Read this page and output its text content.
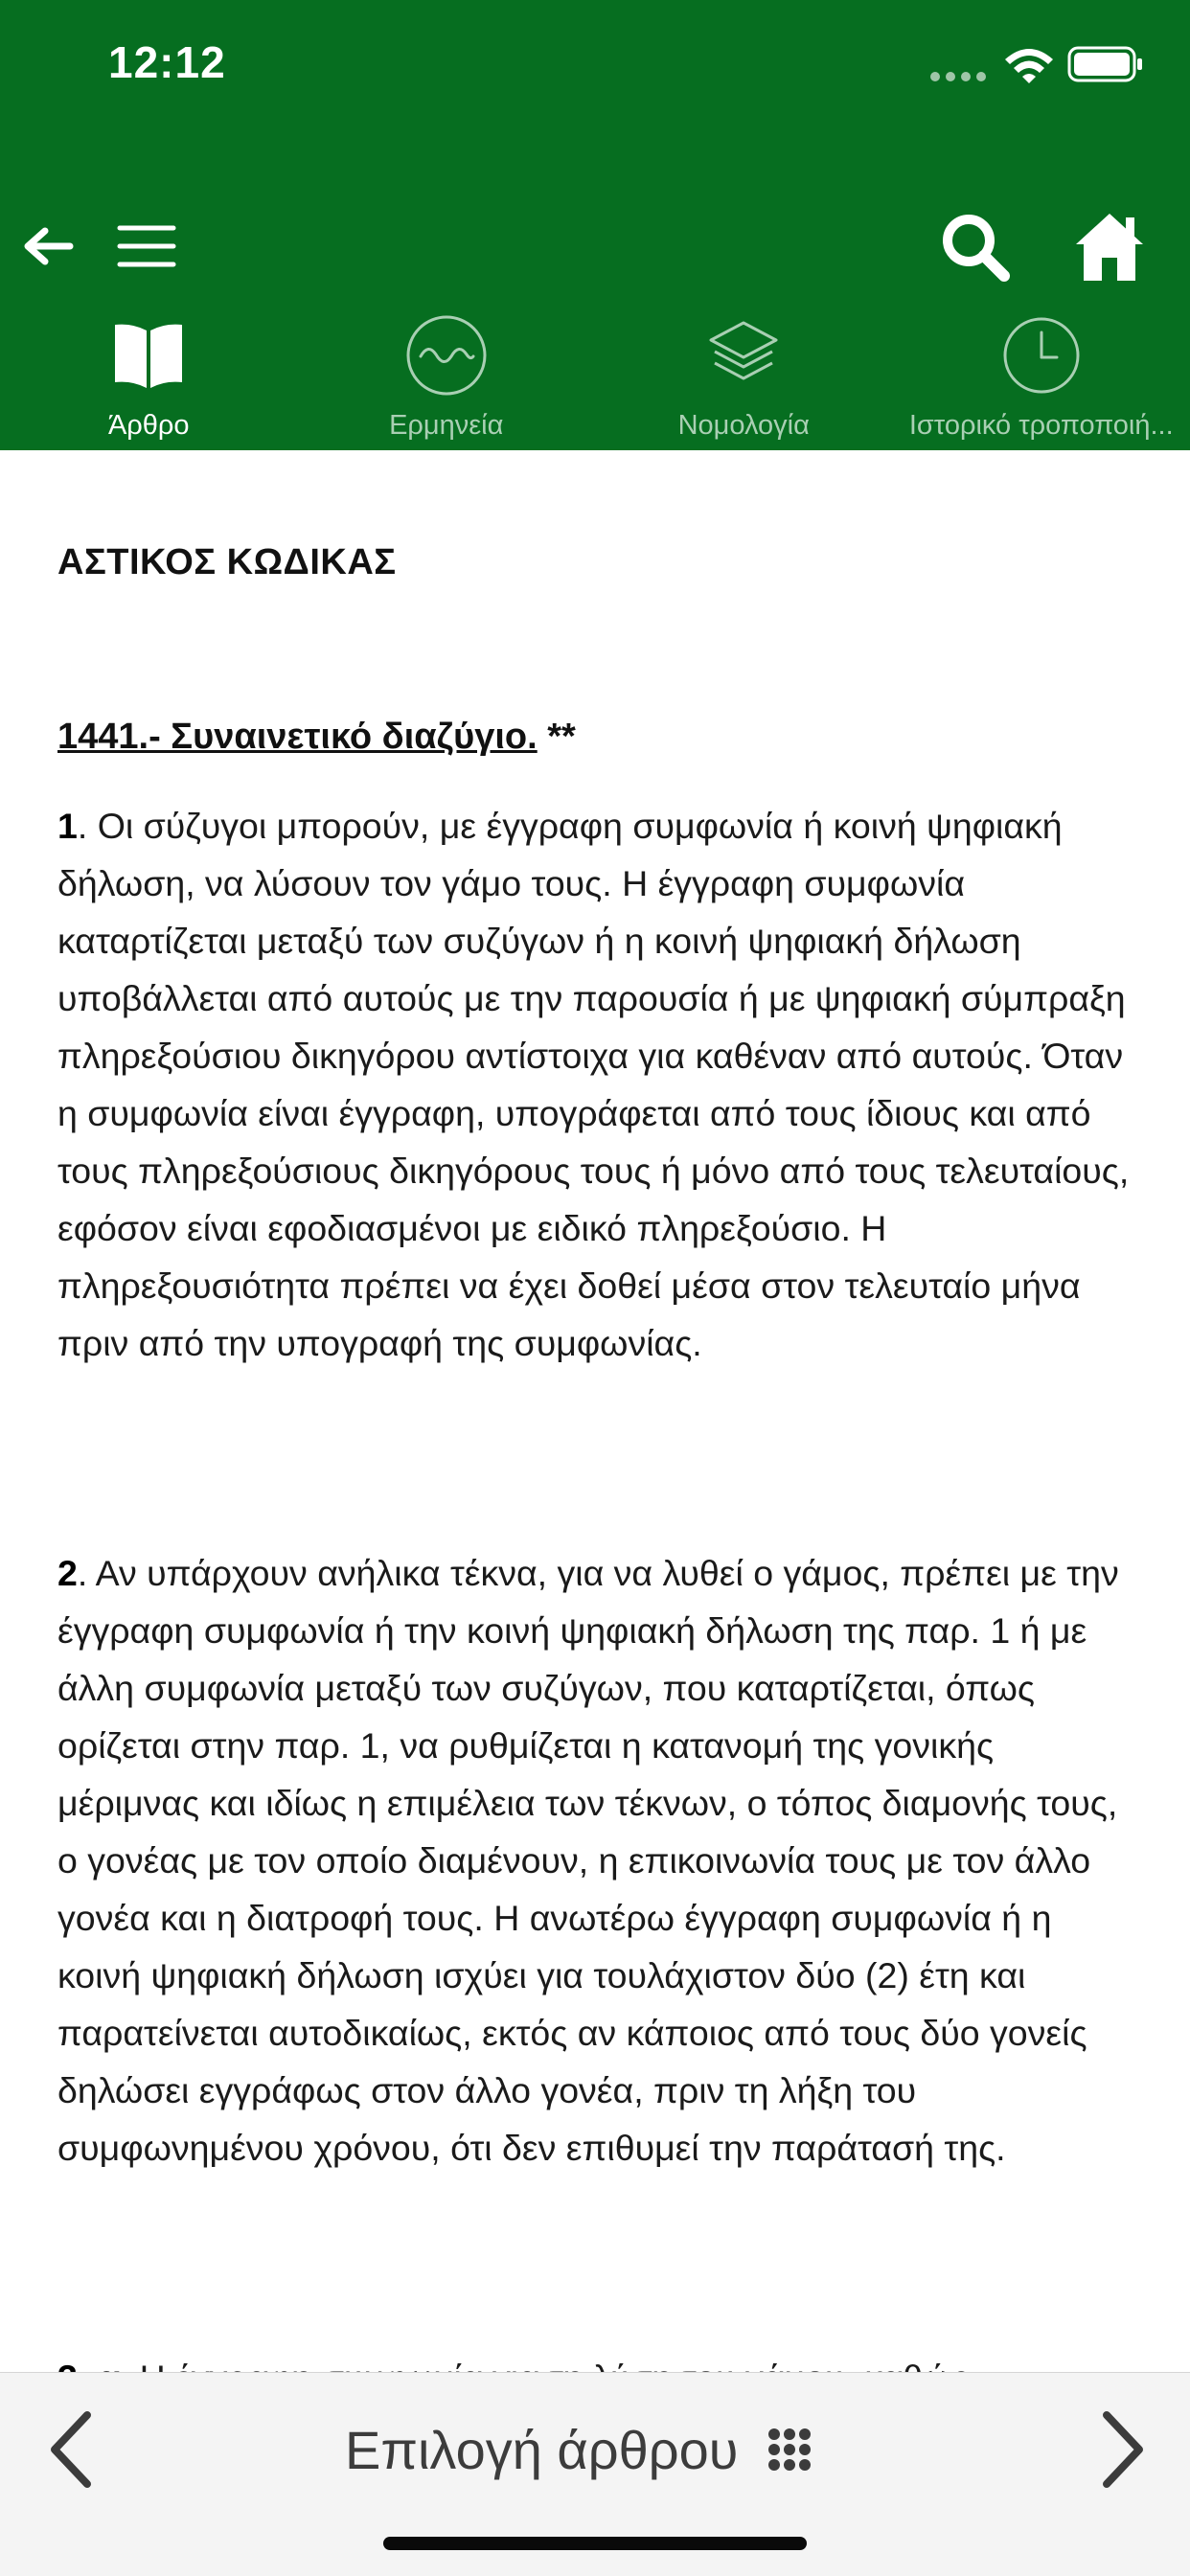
12:12
Άρθρο	Ερμηνεία	Νομολογία	Ιστορικό τροποποιή...
ΑΣΤΙΚΟΣ ΚΩΔΙΚΑΣ
1441.- Συναινετικό διαζύγιο. **
1. Οι σύζυγοι μπορούν, με έγγραφη συμφωνία ή κοινή ψηφιακή δήλωση, να λύσουν τον γάμο τους. Η έγγραφη συμφωνία καταρτίζεται μεταξύ των συζύγων ή η κοινή ψηφιακή δήλωση υποβάλλεται από αυτούς με την παρουσία ή με ψηφιακή σύμπραξη πληρεξούσιου δικηγόρου αντίστοιχα για καθέναν από αυτούς. Όταν η συμφωνία είναι έγγραφη, υπογράφεται από τους ίδιους και από τους πληρεξούσιους δικηγόρους τους ή μόνο από τους τελευταίους, εφόσον είναι εφοδιασμένοι με ειδικό πληρεξούσιο. Η πληρεξουσιότητα πρέπει να έχει δοθεί μέσα στον τελευταίο μήνα πριν από την υπογραφή της συμφωνίας.
2. Αν υπάρχουν ανήλικα τέκνα, για να λυθεί ο γάμος, πρέπει με την έγγραφη συμφωνία ή την κοινή ψηφιακή δήλωση της παρ. 1 ή με άλλη συμφωνία μεταξύ των συζύγων, που καταρτίζεται, όπως ορίζεται στην παρ. 1, να ρυθμίζεται η κατανομή της γονικής μέριμνας και ιδίως η επιμέλεια των τέκνων, ο τόπος διαμονής τους, ο γονέας με τον οποίο διαμένουν, η επικοινωνία τους με τον άλλο γονέα και η διατροφή τους. Η ανωτέρω έγγραφη συμφωνία ή η κοινή ψηφιακή δήλωση ισχύει για τουλάχιστον δύο (2) έτη και παρατείνεται αυτοδικαίως, εκτός αν κάποιος από τους δύο γονείς δηλώσει εγγράφως στον άλλο γονέα, πριν τη λήξη του συμφωνημένου χρόνου, ότι δεν επιθυμεί την παράτασή της.
Επιλογή άρθρου
